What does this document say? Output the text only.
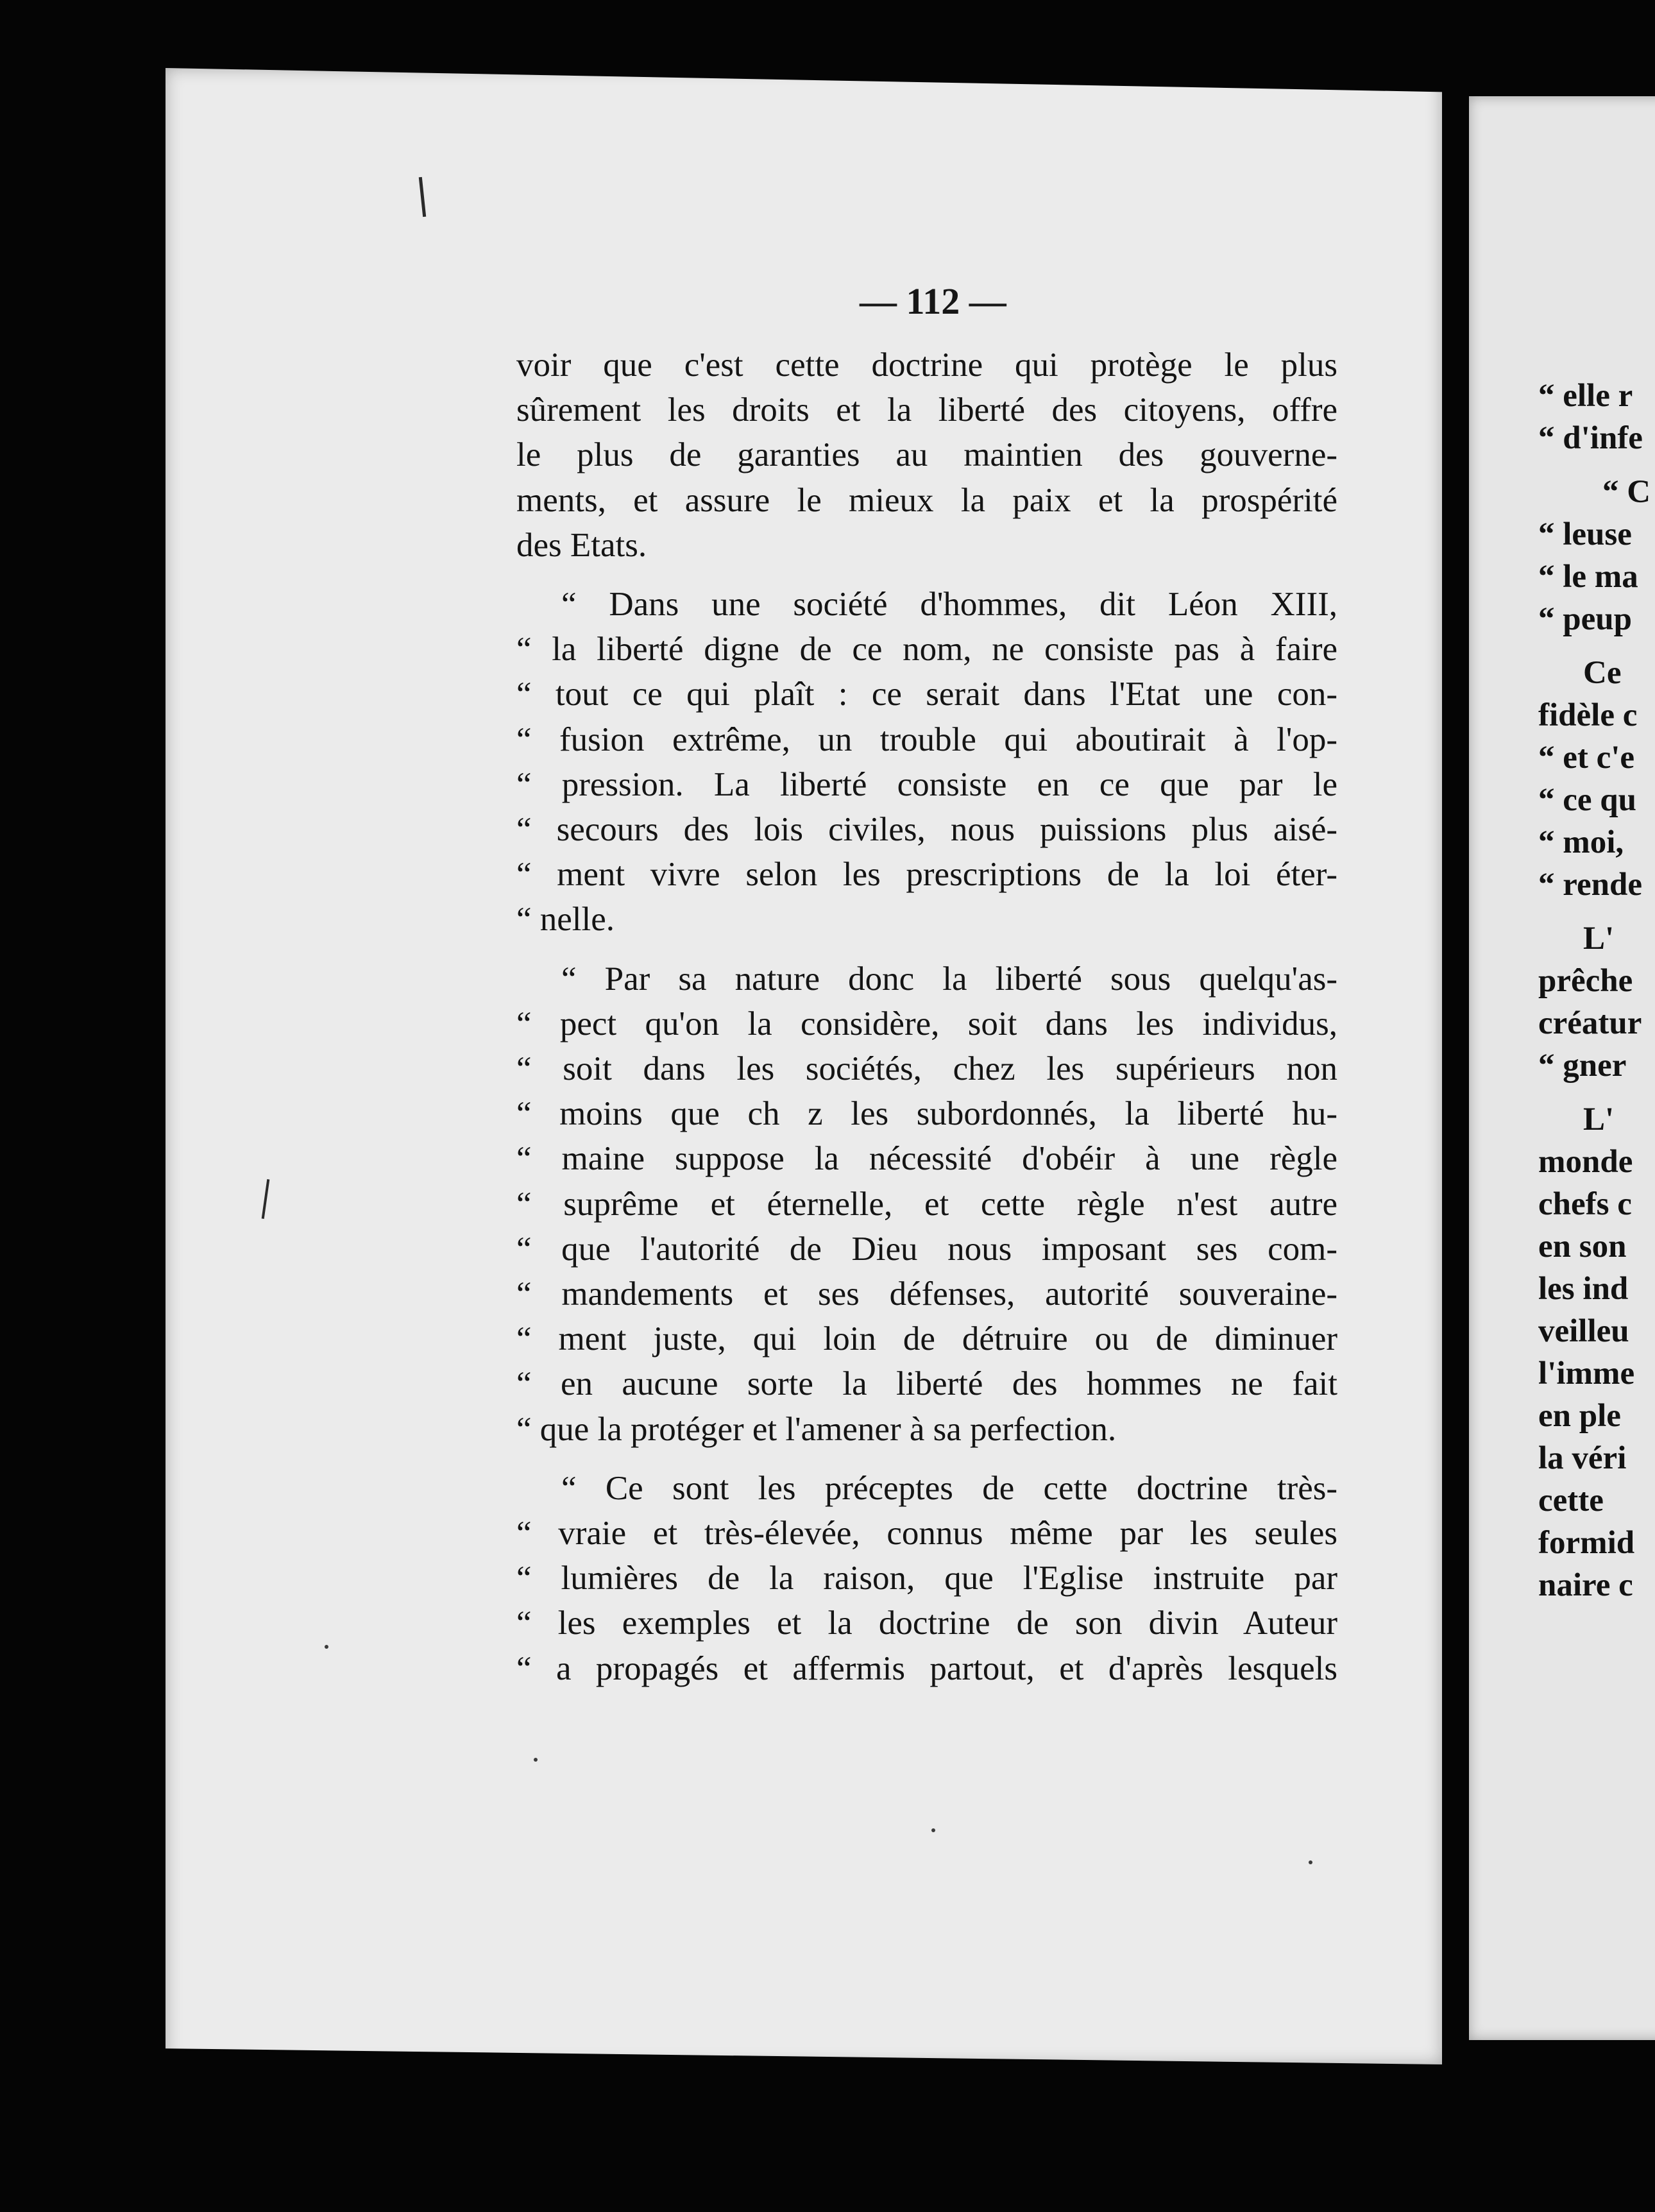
— 112 —
voir que c'est cette doctrine qui protège le plus
sûrement les droits et la liberté des citoyens, offre
le plus de garanties au maintien des gouverne-
ments, et assure le mieux la paix et la prospérité
des Etats.
“ Dans une société d'hommes, dit Léon XIII,
“ la liberté digne de ce nom, ne consiste pas à faire
“ tout ce qui plaît : ce serait dans l'Etat une con-
“ fusion extrême, un trouble qui aboutirait à l'op-
“ pression. La liberté consiste en ce que par le
“ secours des lois civiles, nous puissions plus aisé-
“ ment vivre selon les prescriptions de la loi éter-
“ nelle.
“ Par sa nature donc la liberté sous quelqu'as-
“ pect qu'on la considère, soit dans les individus,
“ soit dans les sociétés, chez les supérieurs non
“ moins que ch z les subordonnés, la liberté hu-
“ maine suppose la nécessité d'obéir à une règle
“ suprême et éternelle, et cette règle n'est autre
“ que l'autorité de Dieu nous imposant ses com-
“ mandements et ses défenses, autorité souveraine-
“ ment juste, qui loin de détruire ou de diminuer
“ en aucune sorte la liberté des hommes ne fait
“ que la protéger et l'amener à sa perfection.
“ Ce sont les préceptes de cette doctrine très-
“ vraie et très-élevée, connus même par les seules
“ lumières de la raison, que l'Eglise instruite par
“ les exemples et la doctrine de son divin Auteur
“ a propagés et affermis partout, et d'après lesquels
“ elle r
“ d'infe
“ C
“ leuse
“ le ma
“ peup
Ce
fidèle c
“ et c'e
“ ce qu
“ moi,
“ rende
L'
prêche
créatur
“ gner
L'
monde
chefs c
en son
les ind
veilleu
l'imme
en ple
la véri
cette
formid
naire c
